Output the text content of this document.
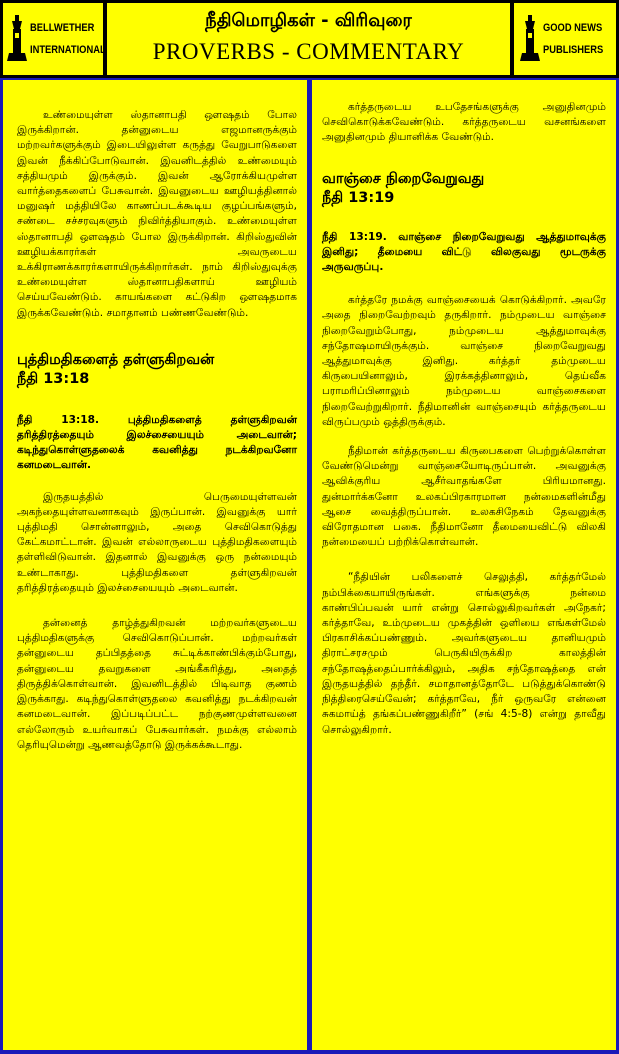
BELLWETHER
INTERNATIONAL
நீதிமொழிகள் - விரிவுரை
PROVERBS - COMMENTARY
GOOD NEWS
PUBLISHERS

உண்மையுள்ள ஸ்தானாபதி ஔஷதம் போல இருக்கிறான். தன்னுடைய எஜமானருக்கும் மற்றவர்களுக்கும் இடையிலுள்ள கருத்து வேறுபாடுகளை இவன் நீக்கிப்போடுவான். இவனிடத்தில் உண்மையும் சத்தியமும் இருக்கும். இவன் ஆரோக்கியமுள்ள வார்த்தைகளைப் பேசுவான். இவனுடைய ஊழியத்தினால் மனுஷர் மத்தியிலே காணப்படக்கூடிய குழப்பங்களும், சண்டை சச்சரவுகளும் நிவிர்த்தியாகும். உண்மையுள்ள ஸ்தானாபதி ஔஷதம் போல இருக்கிறான். கிறிஸ்துவின் ஊழியக்காரர்கள் அவருடைய உக்கிராணக்காரர்களாயிருக்கிறார்கள். நாம் கிறிஸ்துவுக்கு உண்மையுள்ள ஸ்தானாபதிகளாய் ஊழியம் செய்யவேண்டும். காயங்களை கட்டுகிற ஔஷதமாக இருக்கவேண்டும். சமாதானம் பண்ணவேண்டும்.

புத்திமதிகளைத் தள்ளுகிறவன்
நீதி 13:18

நீதி 13:18. புத்திமதிகளைத் தள்ளுகிறவன் தரித்திரத்தையும் இலச்சையையும் அடைவான்; கடிந்துகொள்ளுதலைக் கவனித்து நடக்கிறவனோ கனமடைவான்.

இருதயத்தில் பெருமையுள்ளவன் அகந்தையுள்ளவனாகவும் இருப்பான். இவனுக்கு யார் புத்திமதி சொன்னாலும், அதை செவிகொடுத்து கேட்கமாட்டான். இவன் எல்லாருடைய புத்திமதிகளையும் தள்ளிவிடுவான். இதனால் இவனுக்கு ஒரு நன்மையும் உண்டாகாது. புத்திமதிகளை தள்ளுகிறவன் தரித்திரத்தையும் இலச்சையையும் அடைவான்.

தன்னைத் தாழ்த்துகிறவன் மற்றவர்களுடைய புத்திமதிகளுக்கு செவிகொடுப்பான். மற்றவர்கள் தன்னுடைய தப்பிதத்தை சுட்டிக்காண்பிக்கும்போது, தன்னுடைய தவறுகளை அங்கீகரித்து, அதைத் திருத்திக்கொள்வான். இவனிடத்தில் பிடிவாத குணம் இருக்காது. கடிந்துகொள்ளுதலை கவனித்து நடக்கிறவன் கனமடைவான். இப்படிப்பட்ட நற்குணமுள்ளவனை எல்லோரும் உயர்வாகப் பேசுவார்கள். நமக்கு எல்லாம் தெரியுமென்று ஆணவத்தோடு இருக்கக்கூடாது.

கர்த்தருடைய உபதேசங்களுக்கு அனுதினமும் செவிகொடுக்கவேண்டும். கர்த்தருடைய வசனங்களை அனுதினமும் தியானிக்க வேண்டும்.

வாஞ்சை நிறைவேறுவது
நீதி 13:19

நீதி 13:19. வாஞ்சை நிறைவேறுவது ஆத்துமாவுக்கு இனிது; தீமையை விட்டு விலகுவது மூடருக்கு அருவருப்பு.

கர்த்தரே நமக்கு வாஞ்சையைக் கொடுக்கிறார். அவரே அதை நிறைவேற்றவும் தருகிறார். நம்முடைய வாஞ்சை நிறைவேறும்போது, நம்முடைய ஆத்துமாவுக்கு சந்தோஷமாயிருக்கும். வாஞ்சை நிறைவேறுவது ஆத்துமாவுக்கு இனிது. கர்த்தர் தம்முடைய கிருபையினாலும், இரக்கத்தினாலும், தெய்வீக பராமரிப்பினாலும் நம்முடைய வாஞ்சைகளை நிறைவேற்றுகிறார். நீதிமானின் வாஞ்சையும் கர்த்தருடைய விருப்பமும் ஒத்திருக்கும்.

நீதிமான் கர்த்தருடைய கிருபைகளை பெற்றுக்கொள்ள வேண்டுமென்று வாஞ்சையோடிருப்பான். அவனுக்கு ஆவிக்குரிய ஆசீர்வாதங்களே பிரியமானது. துன்மார்க்கனோ உலகப்பிரகாரமான நன்மைகளின்மீது ஆசை வைத்திருப்பான். உலகசிநேகம் தேவனுக்கு விரோதமான பகை. நீதிமானோ தீமையைவிட்டு விலகி நன்மையைப் பற்றிக்கொள்வான்.

“நீதியின் பலிகளைச் செலுத்தி, கர்த்தர்மேல் நம்பிக்கையாயிருங்கள். எங்களுக்கு நன்மை காண்பிப்பவன் யார் என்று சொல்லுகிறவர்கள் அநேகர்; கர்த்தாவே, உம்முடைய முகத்தின் ஒளியை எங்கள்மேல் பிரகாசிக்கப்பண்ணும். அவர்களுடைய தானியமும் திராட்சரசமும் பெருகியிருக்கிற காலத்தின் சந்தோஷத்தைப்பார்க்கிலும், அதிக சந்தோஷத்தை என் இருதயத்தில் தந்தீர். சமாதானத்தோடே படுத்துக்கொண்டு நித்திரைசெய்வேன்; கர்த்தாவே, நீர் ஒருவரே என்னை சுகமாய்த் தங்கப்பண்ணுகிறீர்” (சங் 4:5-8) என்று தாவீது சொல்லுகிறார்.
